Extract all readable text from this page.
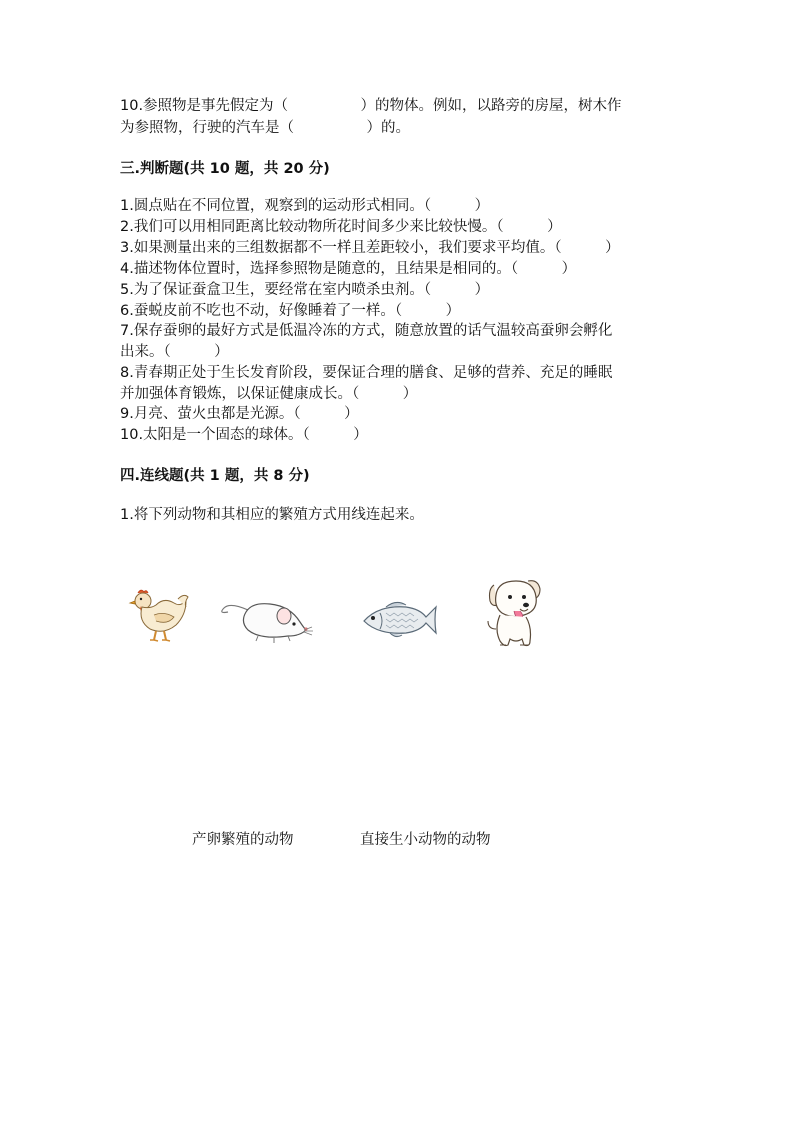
10.参照物是事先假定为（　　　　　）的物体。例如，以路旁的房屋，树木作
为参照物，行驶的汽车是（　　　　　）的。
三.判断题(共 10 题，共 20 分)
1.圆点贴在不同位置，观察到的运动形式相同。（　　　）
2.我们可以用相同距离比较动物所花时间多少来比较快慢。（　　　）
3.如果测量出来的三组数据都不一样且差距较小，我们要求平均值。（　　　）
4.描述物体位置时，选择参照物是随意的，且结果是相同的。（　　　）
5.为了保证蚕盒卫生，要经常在室内喷杀虫剂。（　　　）
6.蚕蜕皮前不吃也不动，好像睡着了一样。（　　　）
7.保存蚕卵的最好方式是低温冷冻的方式，随意放置的话气温较高蚕卵会孵化
出来。（　　　）
8.青春期正处于生长发育阶段，要保证合理的膳食、足够的营养、充足的睡眠
并加强体育锻炼，以保证健康成长。（　　　）
9.月亮、萤火虫都是光源。（　　　）
10.太阳是一个固态的球体。（　　　）
四.连线题(共 1 题，共 8 分)
1.将下列动物和其相应的繁殖方式用线连起来。
产卵繁殖的动物	直接生小动物的动物
